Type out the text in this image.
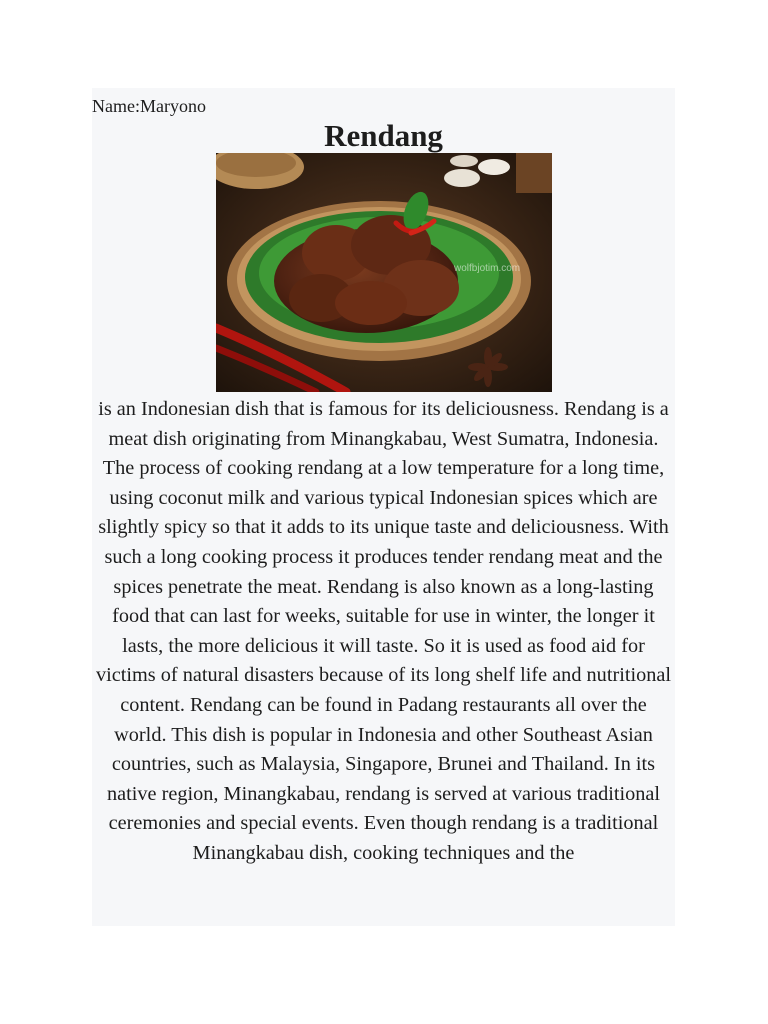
Name:Maryono

Rendang
wolfbjotim.com

is an Indonesian dish that is famous for its deliciousness. Rendang is a meat dish originating from Minangkabau, West Sumatra, Indonesia. The process of cooking rendang at a low temperature for a long time, using coconut milk and various typical Indonesian spices which are slightly spicy so that it adds to its unique taste and deliciousness. With such a long cooking process it produces tender rendang meat and the spices penetrate the meat. Rendang is also known as a long-lasting food that can last for weeks, suitable for use in winter, the longer it lasts, the more delicious it will taste. So it is used as food aid for victims of natural disasters because of its long shelf life and nutritional content. Rendang can be found in Padang restaurants all over the world. This dish is popular in Indonesia and other Southeast Asian countries, such as Malaysia, Singapore, Brunei and Thailand. In its native region, Minangkabau, rendang is served at various traditional ceremonies and special events. Even though rendang is a traditional Minangkabau dish, cooking techniques and the
